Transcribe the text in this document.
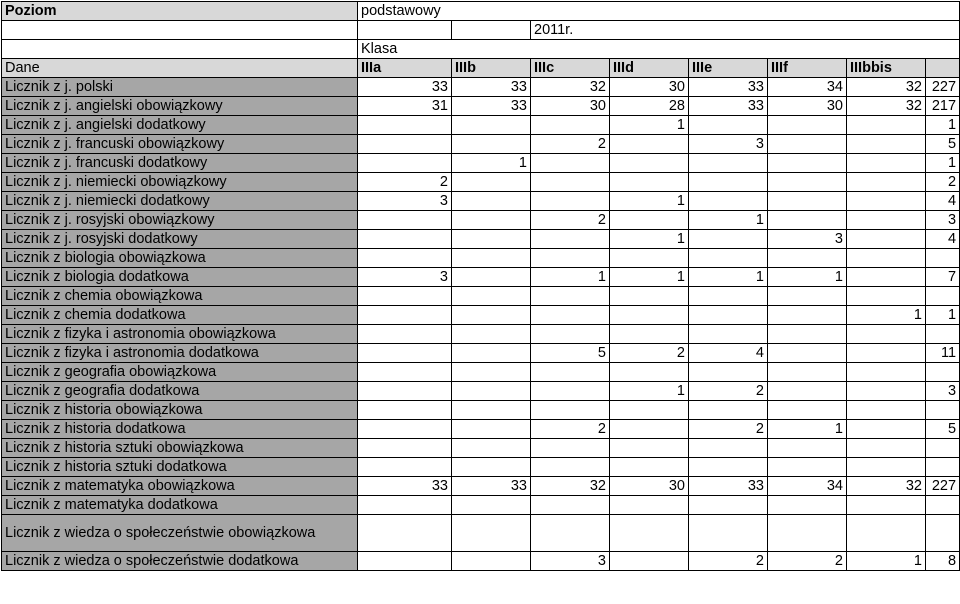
Poziom	podstawowy							
			2011r.					
	Klasa							
Dane	IIIa	IIIb	IIIc	IIId	IIIe	IIIf	IIIbbis	
Licznik z j. polski	33	33	32	30	33	34	32	227
Licznik z j. angielski obowiązkowy	31	33	30	28	33	30	32	217
Licznik z j. angielski dodatkowy				1				1
Licznik z j. francuski obowiązkowy			2		3			5
Licznik z j. francuski dodatkowy		1						1
Licznik z j. niemiecki obowiązkowy	2							2
Licznik z j. niemiecki dodatkowy	3			1				4
Licznik z j. rosyjski obowiązkowy			2		1			3
Licznik z j. rosyjski dodatkowy				1		3		4
Licznik z biologia obowiązkowa								
Licznik z biologia dodatkowa	3		1	1	1	1		7
Licznik z chemia obowiązkowa								
Licznik z chemia dodatkowa							1	1
Licznik z fizyka i astronomia obowiązkowa								
Licznik z fizyka i astronomia dodatkowa			5	2	4			11
Licznik z geografia obowiązkowa								
Licznik z geografia dodatkowa				1	2			3
Licznik z historia obowiązkowa								
Licznik z historia dodatkowa			2		2	1		5
Licznik z historia sztuki obowiązkowa								
Licznik z historia sztuki dodatkowa								
Licznik z matematyka obowiązkowa	33	33	32	30	33	34	32	227
Licznik z matematyka dodatkowa								
Licznik z wiedza o społeczeństwie obowiązkowa								
Licznik z wiedza o społeczeństwie dodatkowa			3		2	2	1	8
